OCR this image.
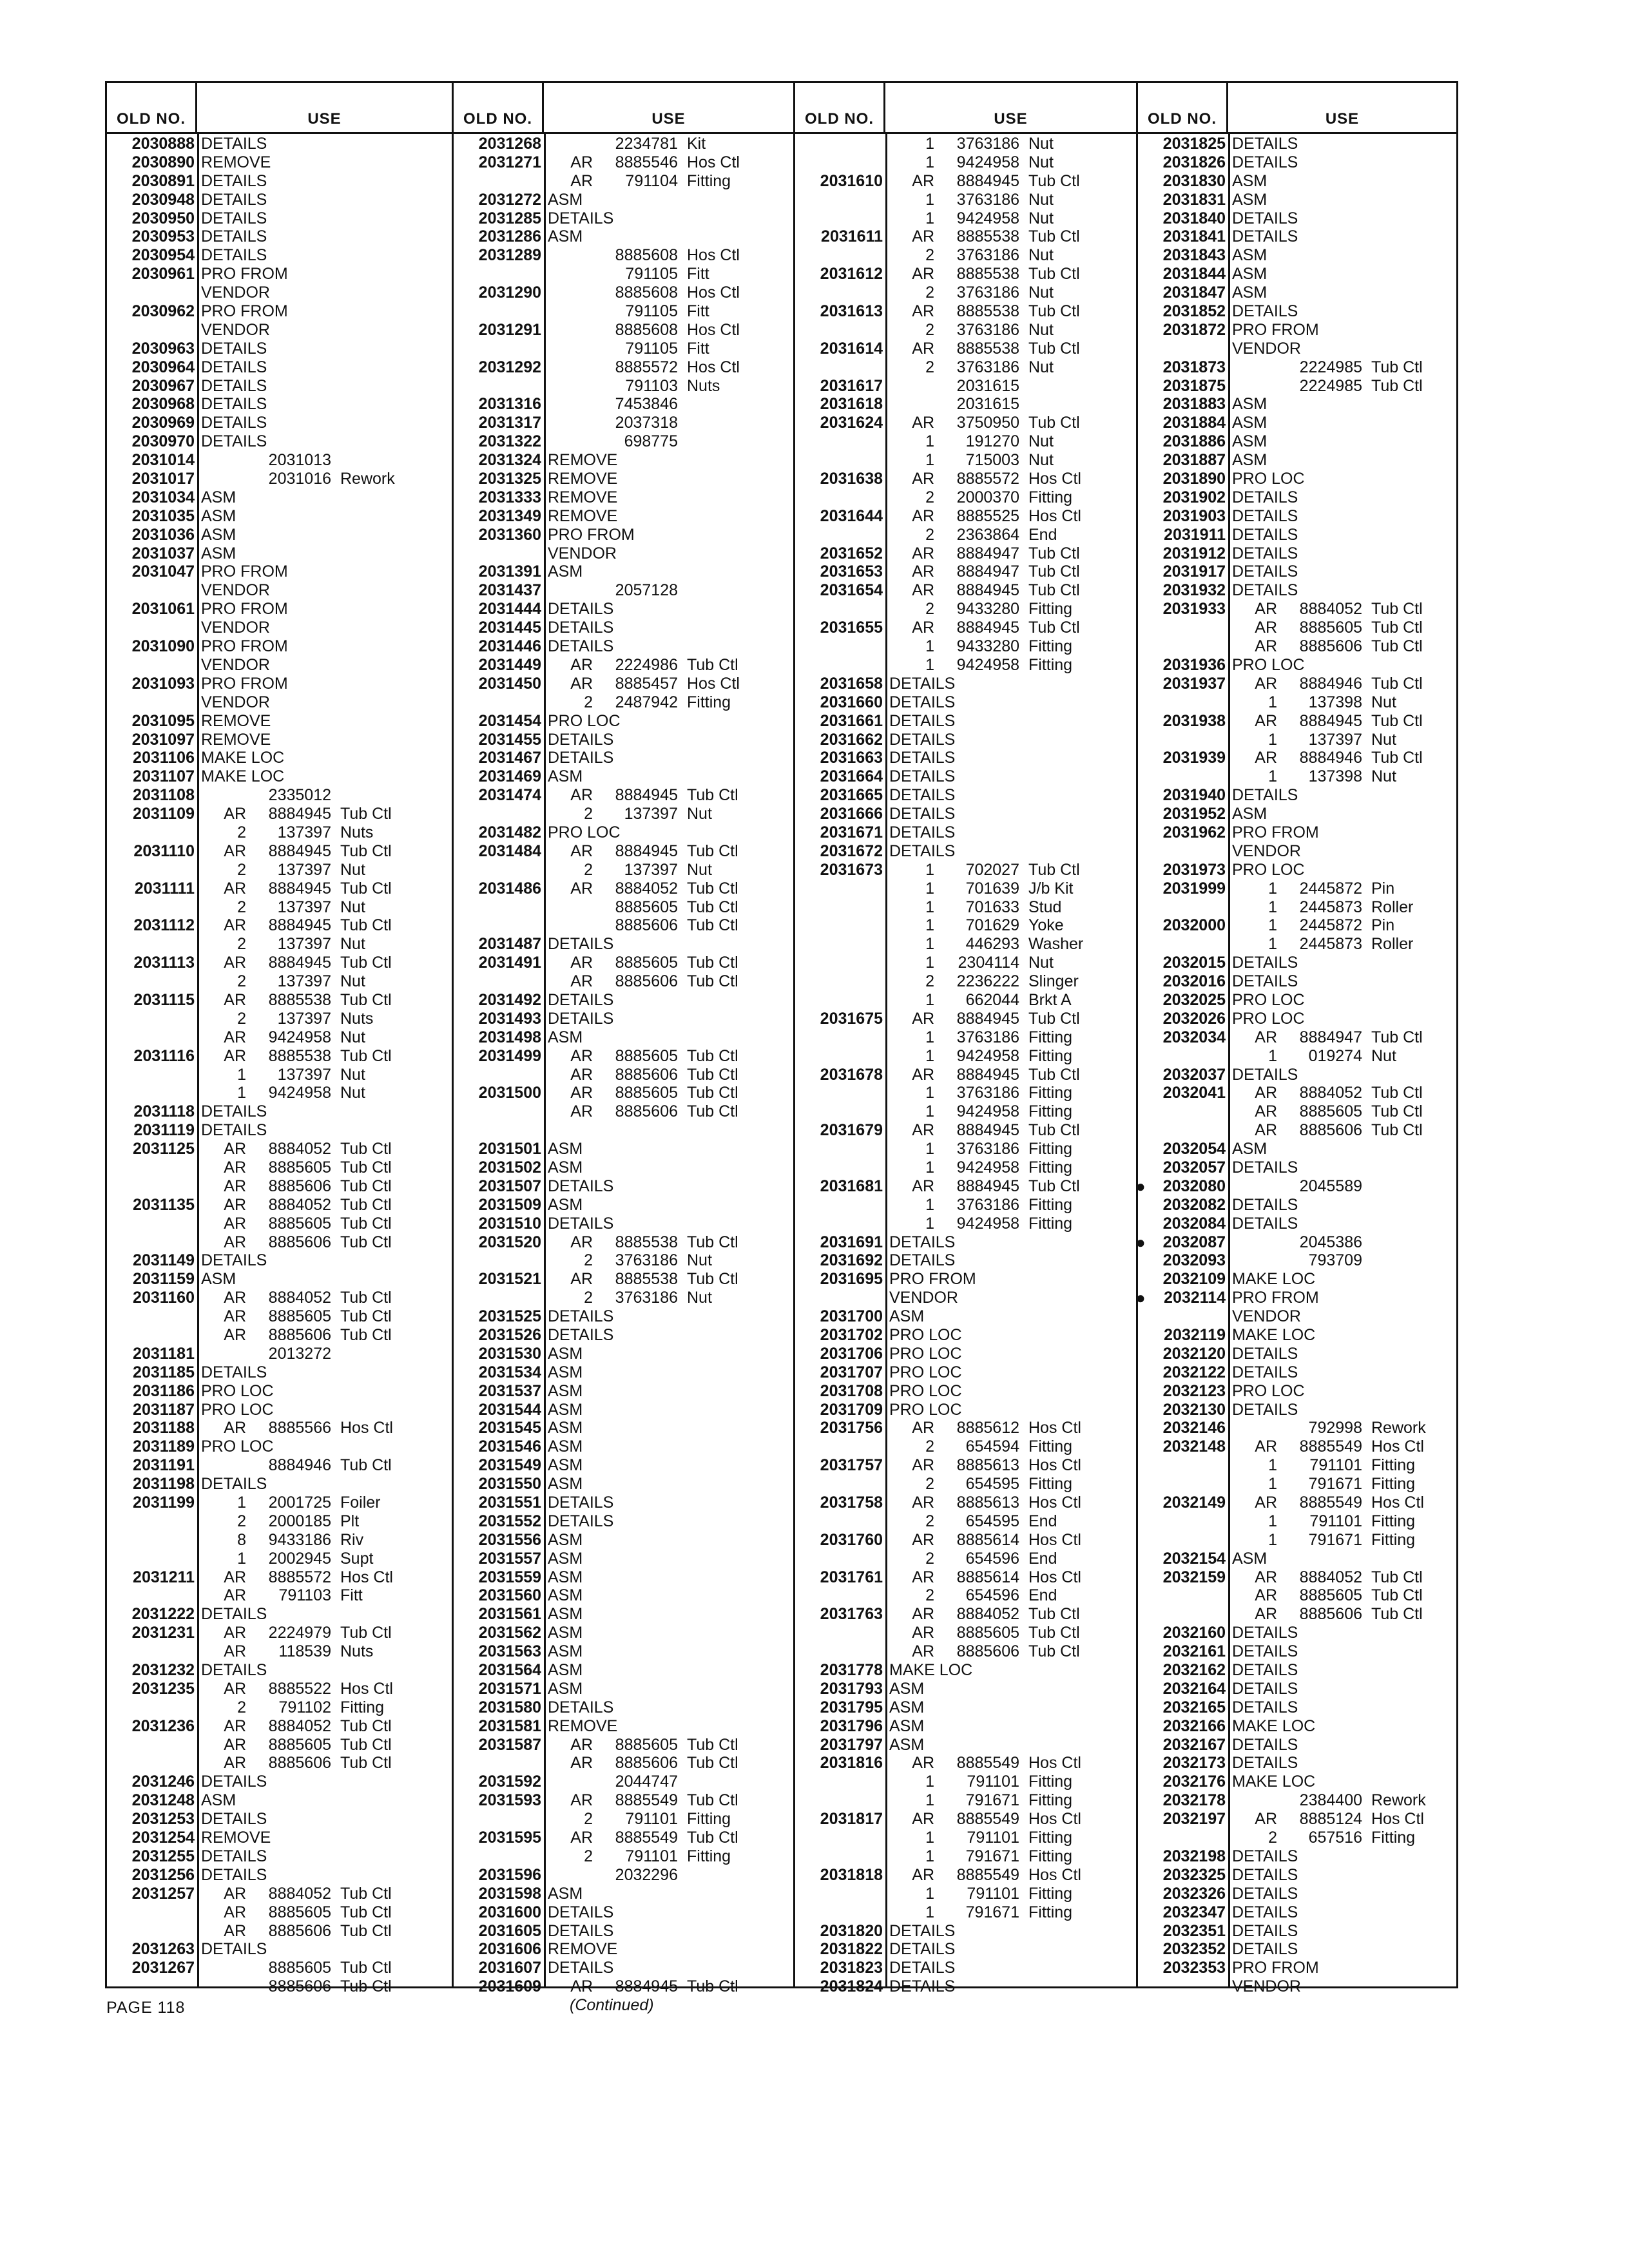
OLD NO.	USE
2030888 DETAILS
2030890 REMOVE
2030891 DETAILS
2030948 DETAILS
2030950 DETAILS
2030953 DETAILS
2030954 DETAILS
2030961 PRO FROM
VENDOR
2030962 PRO FROM
VENDOR
2030963 DETAILS
2030964 DETAILS
2030967 DETAILS
2030968 DETAILS
2030969 DETAILS
2030970 DETAILS
2031014	2031013
2031017	2031016 Rework
2031034 ASM
2031035 ASM
2031036 ASM
2031037 ASM
2031047 PRO FROM
VENDOR
2031061 PRO FROM
VENDOR
2031090 PRO FROM
VENDOR
2031093 PRO FROM
VENDOR
2031095 REMOVE
2031097 REMOVE
2031106 MAKE LOC
2031107 MAKE LOC
2031108	2335012
2031109	AR	8884945 Tub Ctl
2	137397 Nuts
2031110	AR	8884945 Tub Ctl
2	137397 Nut
2031111	AR	8884945 Tub Ctl
2	137397 Nut
2031112	AR	8884945 Tub Ctl
2	137397 Nut
2031113	AR	8884945 Tub Ctl
2	137397 Nut
2031115	AR	8885538 Tub Ctl
2	137397 Nuts
AR	9424958 Nut
2031116	AR	8885538 Tub Ctl
1	137397 Nut
1	9424958 Nut
2031118 DETAILS
2031119 DETAILS
2031125	AR	8884052 Tub Ctl
AR	8885605 Tub Ctl
AR	8885606 Tub Ctl
2031135	AR	8884052 Tub Ctl
AR	8885605 Tub Ctl
AR	8885606 Tub Ctl
2031149 DETAILS
2031159 ASM
2031160	AR	8884052 Tub Ctl
AR	8885605 Tub Ctl
AR	8885606 Tub Ctl
2031181	2013272
2031185 DETAILS
2031186 PRO LOC
2031187 PRO LOC
2031188	AR	8885566 Hos Ctl
2031189 PRO LOC
2031191	8884946 Tub Ctl
2031198 DETAILS
2031199	1	2001725 Foiler
2	2000185 Plt
8	9433186 Riv
1	2002945 Supt
2031211	AR	8885572 Hos Ctl
AR	791103 Fitt
2031222 DETAILS
2031231	AR	2224979 Tub Ctl
AR	118539 Nuts
2031232 DETAILS
2031235	AR	8885522 Hos Ctl
2	791102 Fitting
2031236	AR	8884052 Tub Ctl
AR	8885605 Tub Ctl
AR	8885606 Tub Ctl
2031246 DETAILS
2031248 ASM
2031253 DETAILS
2031254 REMOVE
2031255 DETAILS
2031256 DETAILS
2031257	AR	8884052 Tub Ctl
AR	8885605 Tub Ctl
AR	8885606 Tub Ctl
2031263 DETAILS
2031267	8885605 Tub Ctl
8885606 Tub Ctl
OLD NO.	USE
2031268	2234781 Kit
2031271	AR	8885546 Hos Ctl
AR	791104 Fitting
2031272 ASM
2031285 DETAILS
2031286 ASM
2031289	8885608 Hos Ctl
791105 Fitt
2031290	8885608 Hos Ctl
791105 Fitt
2031291	8885608 Hos Ctl
791105 Fitt
2031292	8885572 Hos Ctl
791103 Nuts
2031316	7453846
2031317	2037318
2031322	698775
2031324 REMOVE
2031325 REMOVE
2031333 REMOVE
2031349 REMOVE
2031360 PRO FROM
VENDOR
2031391 ASM
2031437	2057128
2031444 DETAILS
2031445 DETAILS
2031446 DETAILS
2031449	AR	2224986 Tub Ctl
2031450	AR	8885457 Hos Ctl
2	2487942 Fitting
2031454 PRO LOC
2031455 DETAILS
2031467 DETAILS
2031469 ASM
2031474	AR	8884945 Tub Ctl
2	137397 Nut
2031482 PRO LOC
2031484	AR	8884945 Tub Ctl
2	137397 Nut
2031486	AR	8884052 Tub Ctl
8885605 Tub Ctl
8885606 Tub Ctl
2031487 DETAILS
2031491	AR	8885605 Tub Ctl
AR	8885606 Tub Ctl
2031492 DETAILS
2031493 DETAILS
2031498 ASM
2031499	AR	8885605 Tub Ctl
AR	8885606 Tub Ctl
2031500	AR	8885605 Tub Ctl
AR	8885606 Tub Ctl
2031501 ASM
2031502 ASM
2031507 DETAILS
2031509 ASM
2031510 DETAILS
2031520	AR	8885538 Tub Ctl
2	3763186 Nut
2031521	AR	8885538 Tub Ctl
2	3763186 Nut
2031525 DETAILS
2031526 DETAILS
2031530 ASM
2031534 ASM
2031537 ASM
2031544 ASM
2031545 ASM
2031546 ASM
2031549 ASM
2031550 ASM
2031551 DETAILS
2031552 DETAILS
2031556 ASM
2031557 ASM
2031559 ASM
2031560 ASM
2031561 ASM
2031562 ASM
2031563 ASM
2031564 ASM
2031571 ASM
2031580 DETAILS
2031581 REMOVE
2031587	AR	8885605 Tub Ctl
AR	8885606 Tub Ctl
2031592	2044747
2031593	AR	8885549 Tub Ctl
2	791101 Fitting
2031595	AR	8885549 Tub Ctl
2	791101 Fitting
2031596	2032296
2031598 ASM
2031600 DETAILS
2031605 DETAILS
2031606 REMOVE
2031607 DETAILS
2031609	AR	8884945 Tub Ctl
(Continued)
OLD NO.	USE
1	3763186 Nut
1	9424958 Nut
2031610	AR	8884945 Tub Ctl
1	3763186 Nut
1	9424958 Nut
2031611	AR	8885538 Tub Ctl
2	3763186 Nut
2031612	AR	8885538 Tub Ctl
2	3763186 Nut
2031613	AR	8885538 Tub Ctl
2	3763186 Nut
2031614	AR	8885538 Tub Ctl
2	3763186 Nut
2031617	2031615
2031618	2031615
2031624	AR	3750950 Tub Ctl
1	191270 Nut
1	715003 Nut
2031638	AR	8885572 Hos Ctl
2	2000370 Fitting
2031644	AR	8885525 Hos Ctl
2	2363864 End
2031652	AR	8884947 Tub Ctl
2031653	AR	8884947 Tub Ctl
2031654	AR	8884945 Tub Ctl
2	9433280 Fitting
2031655	AR	8884945 Tub Ctl
1	9433280 Fitting
1	9424958 Fitting
2031658 DETAILS
2031660 DETAILS
2031661 DETAILS
2031662 DETAILS
2031663 DETAILS
2031664 DETAILS
2031665 DETAILS
2031666 DETAILS
2031671 DETAILS
2031672 DETAILS
2031673	1	702027 Tub Ctl
1	701639 J/b Kit
1	701633 Stud
1	701629 Yoke
1	446293 Washer
1	2304114 Nut
2	2236222 Slinger
1	662044 Brkt A
2031675	AR	8884945 Tub Ctl
1	3763186 Fitting
1	9424958 Fitting
2031678	AR	8884945 Tub Ctl
1	3763186 Fitting
1	9424958 Fitting
2031679	AR	8884945 Tub Ctl
1	3763186 Fitting
1	9424958 Fitting
2031681	AR	8884945 Tub Ctl
1	3763186 Fitting
1	9424958 Fitting
2031691 DETAILS
2031692 DETAILS
2031695 PRO FROM
VENDOR
2031700 ASM
2031702 PRO LOC
2031706 PRO LOC
2031707 PRO LOC
2031708 PRO LOC
2031709 PRO LOC
2031756	AR	8885612 Hos Ctl
2	654594 Fitting
2031757	AR	8885613 Hos Ctl
2	654595 Fitting
2031758	AR	8885613 Hos Ctl
2	654595 End
2031760	AR	8885614 Hos Ctl
2	654596 End
2031761	AR	8885614 Hos Ctl
2	654596 End
2031763	AR	8884052 Tub Ctl
AR	8885605 Tub Ctl
AR	8885606 Tub Ctl
2031778 MAKE LOC
2031793 ASM
2031795 ASM
2031796 ASM
2031797 ASM
2031816	AR	8885549 Hos Ctl
1	791101 Fitting
1	791671 Fitting
2031817	AR	8885549 Hos Ctl
1	791101 Fitting
1	791671 Fitting
2031818	AR	8885549 Hos Ctl
1	791101 Fitting
1	791671 Fitting
2031820 DETAILS
2031822 DETAILS
2031823 DETAILS
2031824 DETAILS
OLD NO.	USE
2031825 DETAILS
2031826 DETAILS
2031830 ASM
2031831 ASM
2031840 DETAILS
2031841 DETAILS
2031843 ASM
2031844 ASM
2031847 ASM
2031852 DETAILS
2031872 PRO FROM
VENDOR
2031873	2224985 Tub Ctl
2031875	2224985 Tub Ctl
2031883 ASM
2031884 ASM
2031886 ASM
2031887 ASM
2031890 PRO LOC
2031902 DETAILS
2031903 DETAILS
2031911 DETAILS
2031912 DETAILS
2031917 DETAILS
2031932 DETAILS
2031933	AR	8884052 Tub Ctl
AR	8885605 Tub Ctl
AR	8885606 Tub Ctl
2031936 PRO LOC
2031937	AR	8884946 Tub Ctl
1	137398 Nut
2031938	AR	8884945 Tub Ctl
1	137397 Nut
2031939	AR	8884946 Tub Ctl
1	137398 Nut
2031940 DETAILS
2031952 ASM
2031962 PRO FROM
VENDOR
2031973 PRO LOC
2031999	1	2445872 Pin
1	2445873 Roller
2032000	1	2445872 Pin
1	2445873 Roller
2032015 DETAILS
2032016 DETAILS
2032025 PRO LOC
2032026 PRO LOC
2032034	AR	8884947 Tub Ctl
1	019274 Nut
2032037 DETAILS
2032041	AR	8884052 Tub Ctl
AR	8885605 Tub Ctl
AR	8885606 Tub Ctl
2032054 ASM
2032057 DETAILS
● 2032080	2045589
2032082 DETAILS
2032084 DETAILS
● 2032087	2045386
2032093	793709
2032109 MAKE LOC
● 2032114 PRO FROM
VENDOR
2032119 MAKE LOC
2032120 DETAILS
2032122 DETAILS
2032123 PRO LOC
2032130 DETAILS
2032146	792998 Rework
2032148	AR	8885549 Hos Ctl
1	791101 Fitting
1	791671 Fitting
2032149	AR	8885549 Hos Ctl
1	791101 Fitting
1	791671 Fitting
2032154 ASM
2032159	AR	8884052 Tub Ctl
AR	8885605 Tub Ctl
AR	8885606 Tub Ctl
2032160 DETAILS
2032161 DETAILS
2032162 DETAILS
2032164 DETAILS
2032165 DETAILS
2032166 MAKE LOC
2032167 DETAILS
2032173 DETAILS
2032176 MAKE LOC
2032178	2384400 Rework
2032197	AR	8885124 Hos Ctl
2	657516 Fitting
2032198 DETAILS
2032325 DETAILS
2032326 DETAILS
2032347 DETAILS
2032351 DETAILS
2032352 DETAILS
2032353 PRO FROM
VENDOR
PAGE 118
